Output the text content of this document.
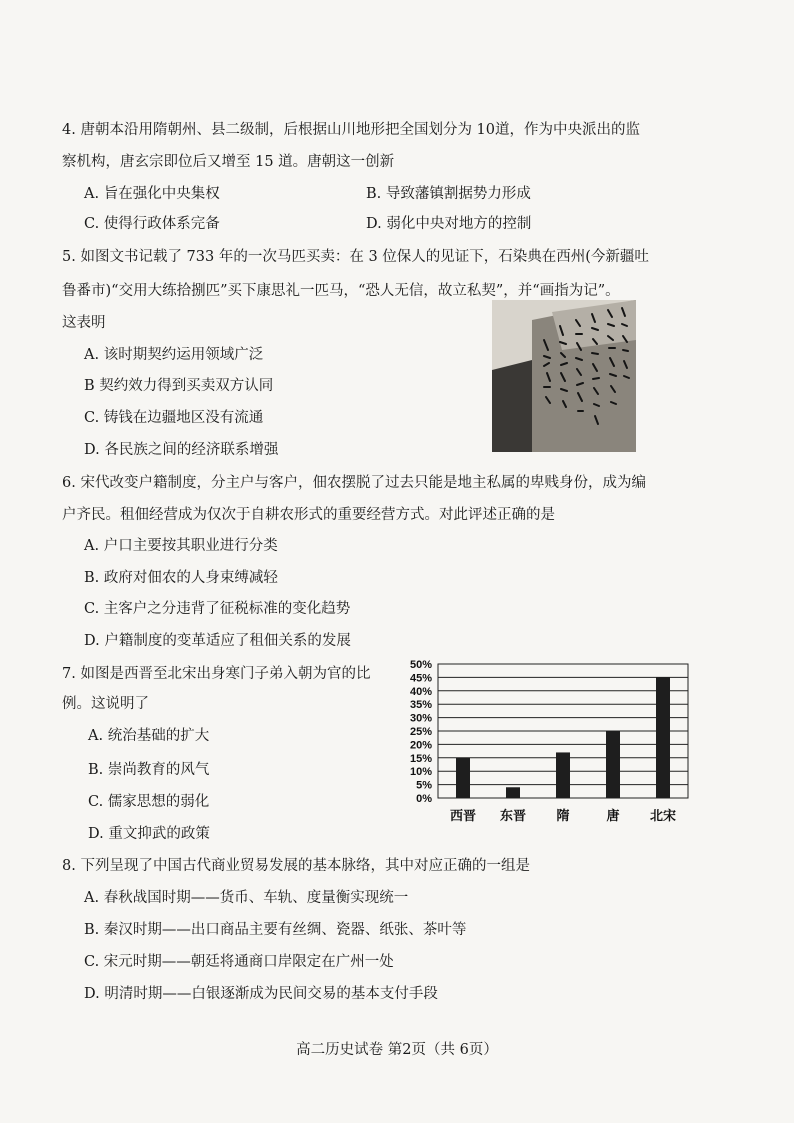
4. 唐朝本沿用隋朝州、县二级制，后根据山川地形把全国划分为 10道，作为中央派出的监
察机构，唐玄宗即位后又增至 15 道。唐朝这一创新
A. 旨在强化中央集权	B. 导致藩镇割据势力形成
C. 使得行政体系完备	D. 弱化中央对地方的控制
5. 如图文书记载了 733 年的一次马匹买卖：在 3 位保人的见证下，石染典在西州(今新疆吐
鲁番市)“交用大练拾捌匹”买下康思礼一匹马，“恐人无信，故立私契”，并“画指为记”。
这表明
A. 该时期契约运用领域广泛
B 契约效力得到买卖双方认同
C. 铸钱在边疆地区没有流通
D. 各民族之间的经济联系增强
6. 宋代改变户籍制度，分主户与客户，佃农摆脱了过去只能是地主私属的卑贱身份，成为编
户齐民。租佃经营成为仅次于自耕农形式的重要经营方式。对此评述正确的是
A. 户口主要按其职业进行分类
B. 政府对佃农的人身束缚减轻
C. 主客户之分违背了征税标准的变化趋势
D. 户籍制度的变革适应了租佃关系的发展
7. 如图是西晋至北宋出身寒门子弟入朝为官的比
例。这说明了
A. 统治基础的扩大
B. 崇尚教育的风气
C. 儒家思想的弱化
D. 重文抑武的政策
0%
5%
10%
15%
20%
25%
30%
35%
40%
45%
50%
西晋 东晋 隋	唐 北宋
8. 下列呈现了中国古代商业贸易发展的基本脉络，其中对应正确的一组是
A. 春秋战国时期——货币、车轨、度量衡实现统一
B. 秦汉时期——出口商品主要有丝绸、瓷器、纸张、茶叶等
C. 宋元时期——朝廷将通商口岸限定在广州一处
D. 明清时期——白银逐渐成为民间交易的基本支付手段
高二历史试卷 第2页（共 6页）
